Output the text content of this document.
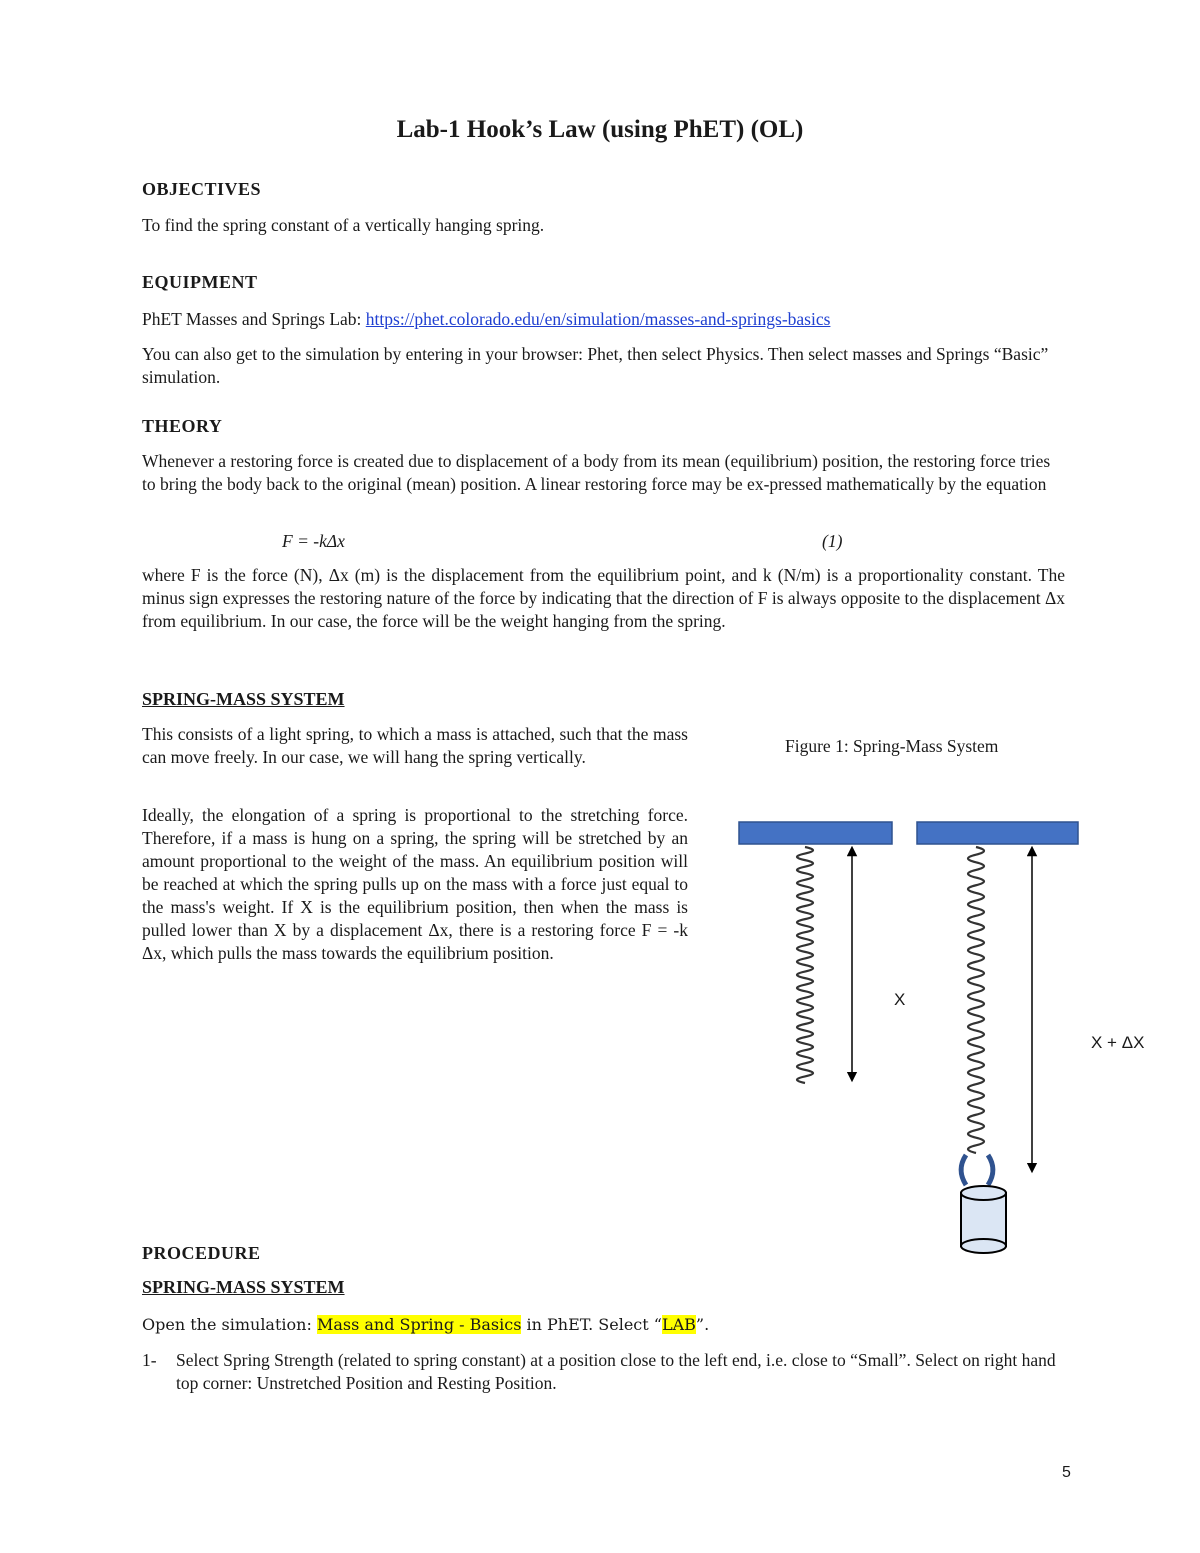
Lab-1 Hook’s Law (using PhET) (OL)
OBJECTIVES
To find the spring constant of a vertically hanging spring.
EQUIPMENT
PhET Masses and Springs Lab: https://phet.colorado.edu/en/simulation/masses-and-springs-basics
You can also get to the simulation by entering in your browser: Phet, then select Physics. Then select masses and Springs “Basic” simulation.
THEORY
Whenever a restoring force is created due to displacement of a body from its mean (equilibrium) position, the restoring force tries to bring the body back to the original (mean) position. A linear restoring force may be ex-pressed mathematically by the equation
F = -kΔx	(1)
where F is the force (N), Δx (m) is the displacement from the equilibrium point, and k (N/m) is a proportionality constant. The minus sign expresses the restoring nature of the force by indicating that the direction of F is always opposite to the displacement Δx from equilibrium. In our case, the force will be the weight hanging from the spring.
SPRING-MASS SYSTEM
This consists of a light spring, to which a mass is attached, such that the mass can move freely. In our case, we will hang the spring vertically.
Ideally, the elongation of a spring is proportional to the stretching force. Therefore, if a mass is hung on a spring, the spring will be stretched by an amount proportional to the weight of the mass. An equilibrium position will be reached at which the spring pulls up on the mass with a force just equal to the mass's weight. If X is the equilibrium position, then when the mass is pulled lower than X by a displacement Δx, there is a restoring force F = -k Δx, which pulls the mass towards the equilibrium position.
Figure 1: Spring-Mass System
X
X + ΔX
PROCEDURE
SPRING-MASS SYSTEM
Open the simulation: Mass and Spring - Basics in PhET. Select “LAB”.
1-	Select Spring Strength (related to spring constant) at a position close to the left end, i.e. close to “Small”. Select on right hand top corner: Unstretched Position and Resting Position.
5
